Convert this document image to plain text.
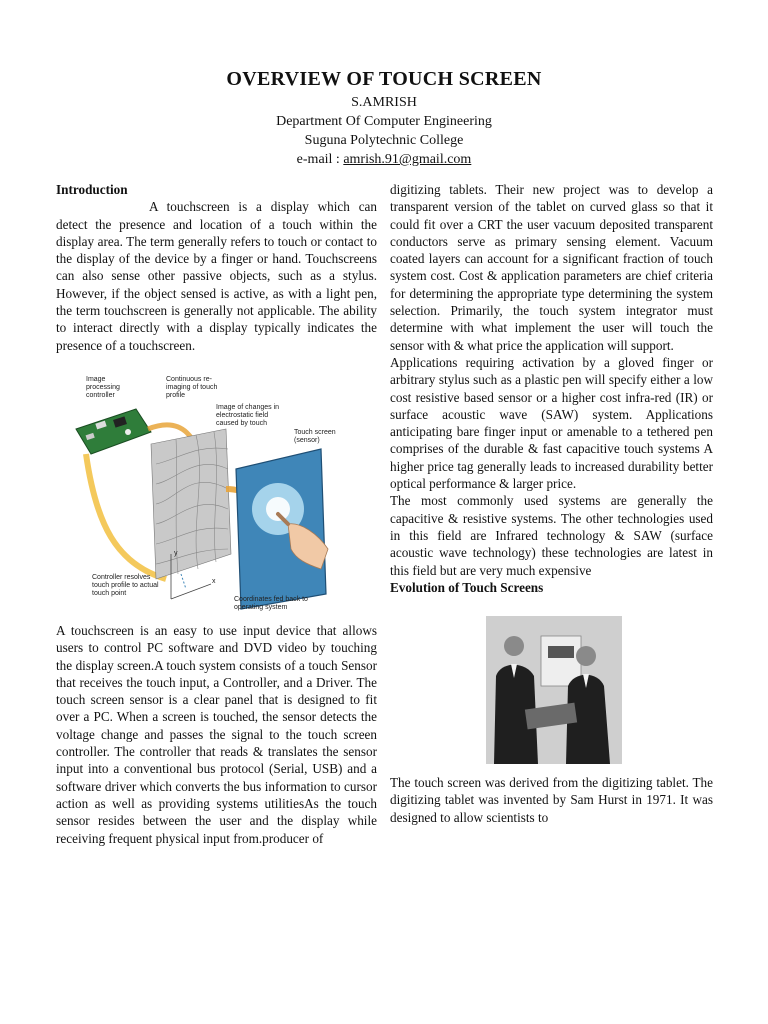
OVERVIEW OF TOUCH SCREEN
S.AMRISH
Department Of Computer Engineering
Suguna Polytechnic College
e-mail : amrish.91@gmail.com

Introduction

A touchscreen is a display which can detect the presence and location of a touch within the display area. The term generally refers to touch or contact to the display of the device by a finger or hand. Touchscreens can also sense other passive objects, such as a stylus. However, if the object sensed is active, as with a light pen, the term touchscreen is generally not applicable. The ability to interact directly with a display typically indicates the presence of a touchscreen.

Image processing controller
Continuous re-imaging of touch profile
Image of changes in electrostatic field caused by touch
Touch screen (sensor)
Controller resolves touch profile to actual touch point
Coordinates fed back to operating system
x
y

A touchscreen is an easy to use input device that allows users to control PC software and DVD video by touching the display screen.A touch system consists of a touch Sensor that receives the touch input, a Controller, and a Driver. The touch screen sensor is a clear panel that is designed to fit over a PC. When a screen is touched, the sensor detects the voltage change and passes the signal to the touch screen controller. The controller that reads & translates the sensor input into a conventional bus protocol (Serial, USB) and a software driver which converts the bus information to cursor action as well as providing systems utilitiesAs the touch sensor resides between the user and the display while receiving frequent physical input from.producer of

digitizing tablets. Their new project was to develop a transparent version of the tablet on curved glass so that it could fit over a CRT the user vacuum deposited transparent conductors serve as primary sensing element. Vacuum coated layers can account for a significant fraction of touch system cost. Cost & application parameters are chief criteria for determining the appropriate type determining the system selection. Primarily, the touch system integrator must determine with what implement the user will touch the sensor with & what price the application will support.

Applications requiring activation by a gloved finger or arbitrary stylus such as a plastic pen will specify either a low cost resistive based sensor or a higher cost infra-red (IR) or surface acoustic wave (SAW) system. Applications anticipating bare finger input or amenable to a tethered pen comprises of the durable & fast capacitive touch systems A higher price tag generally leads to increased durability better optical performance & larger price.

The most commonly used systems are generally the capacitive & resistive systems. The other technologies used in this field are Infrared technology & SAW (surface acoustic wave technology) these technologies are latest in this field but are very much expensive

Evolution of Touch Screens

The touch screen was derived from the digitizing tablet. The digitizing tablet was invented by Sam Hurst in 1971. It was designed to allow scientists to
